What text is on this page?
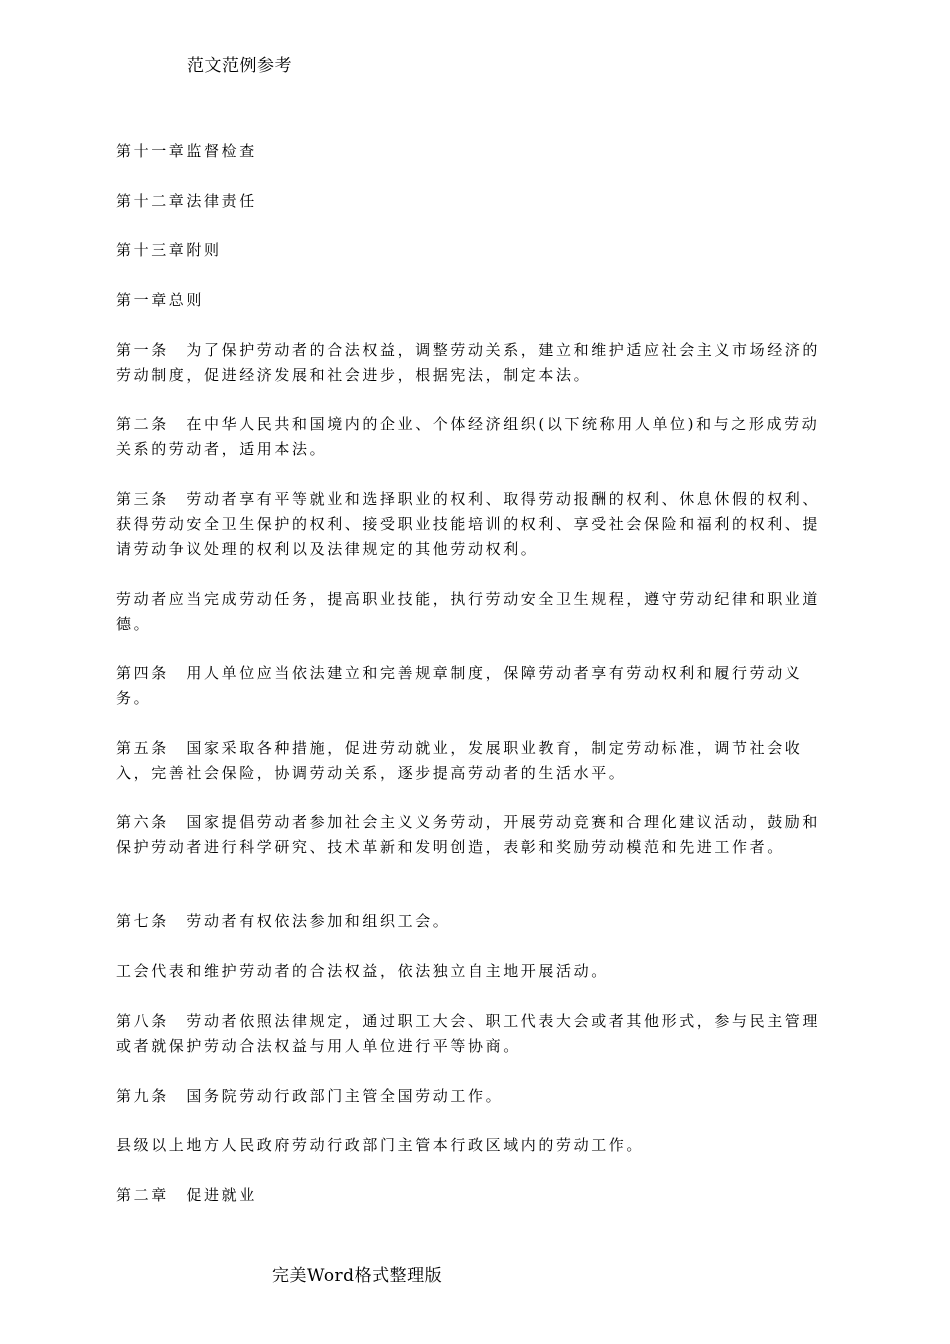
范文范例参考

第十一章监督检查

第十二章法律责任

第十三章附则

第一章总则

第一条　为了保护劳动者的合法权益，调整劳动关系，建立和维护适应社会主义市场经济的劳动制度，促进经济发展和社会进步，根据宪法，制定本法。

第二条　在中华人民共和国境内的企业、个体经济组织(以下统称用人单位)和与之形成劳动关系的劳动者，适用本法。

第三条　劳动者享有平等就业和选择职业的权利、取得劳动报酬的权利、休息休假的权利、获得劳动安全卫生保护的权利、接受职业技能培训的权利、享受社会保险和福利的权利、提请劳动争议处理的权利以及法律规定的其他劳动权利。

劳动者应当完成劳动任务，提高职业技能，执行劳动安全卫生规程，遵守劳动纪律和职业道德。

第四条　用人单位应当依法建立和完善规章制度，保障劳动者享有劳动权利和履行劳动义务。

第五条　国家采取各种措施，促进劳动就业，发展职业教育，制定劳动标准，调节社会收入，完善社会保险，协调劳动关系，逐步提高劳动者的生活水平。

第六条　国家提倡劳动者参加社会主义义务劳动，开展劳动竞赛和合理化建议活动，鼓励和保护劳动者进行科学研究、技术革新和发明创造，表彰和奖励劳动模范和先进工作者。

第七条　劳动者有权依法参加和组织工会。

工会代表和维护劳动者的合法权益，依法独立自主地开展活动。

第八条　劳动者依照法律规定，通过职工大会、职工代表大会或者其他形式，参与民主管理或者就保护劳动合法权益与用人单位进行平等协商。

第九条　国务院劳动行政部门主管全国劳动工作。

县级以上地方人民政府劳动行政部门主管本行政区域内的劳动工作。

第二章　促进就业

完美Word格式整理版
